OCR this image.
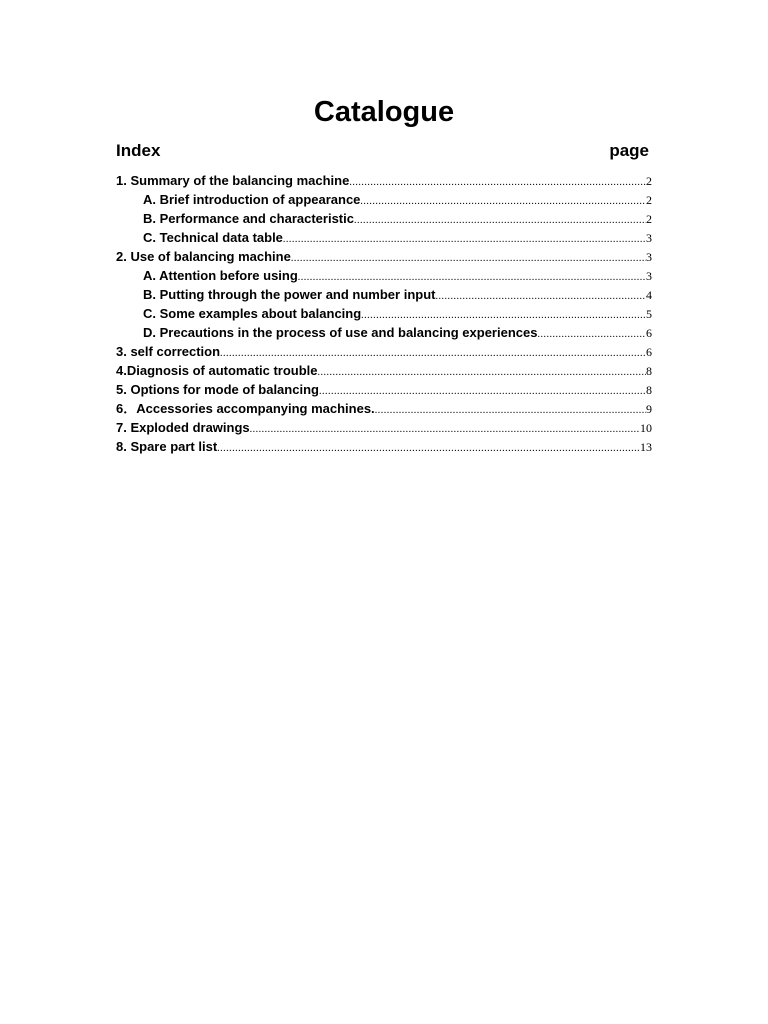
Catalogue
Index	page
1. Summary of the balancing machine .....	2
A. Brief introduction of appearance .....	2
B. Performance and characteristic .....	2
C. Technical data table .....	3
2. Use of balancing machine .....	3
A. Attention before using .....	3
B. Putting through the power and number input .....	4
C. Some examples about balancing .....	5
D. Precautions in the process of use and balancing experiences .....	6
3. self correction .....	6
4.Diagnosis of automatic trouble .....	8
5. Options for mode of balancing .....	8
6．Accessories accompanying machines. .....	9
7. Exploded drawings .....	10
8. Spare part list .....	13
